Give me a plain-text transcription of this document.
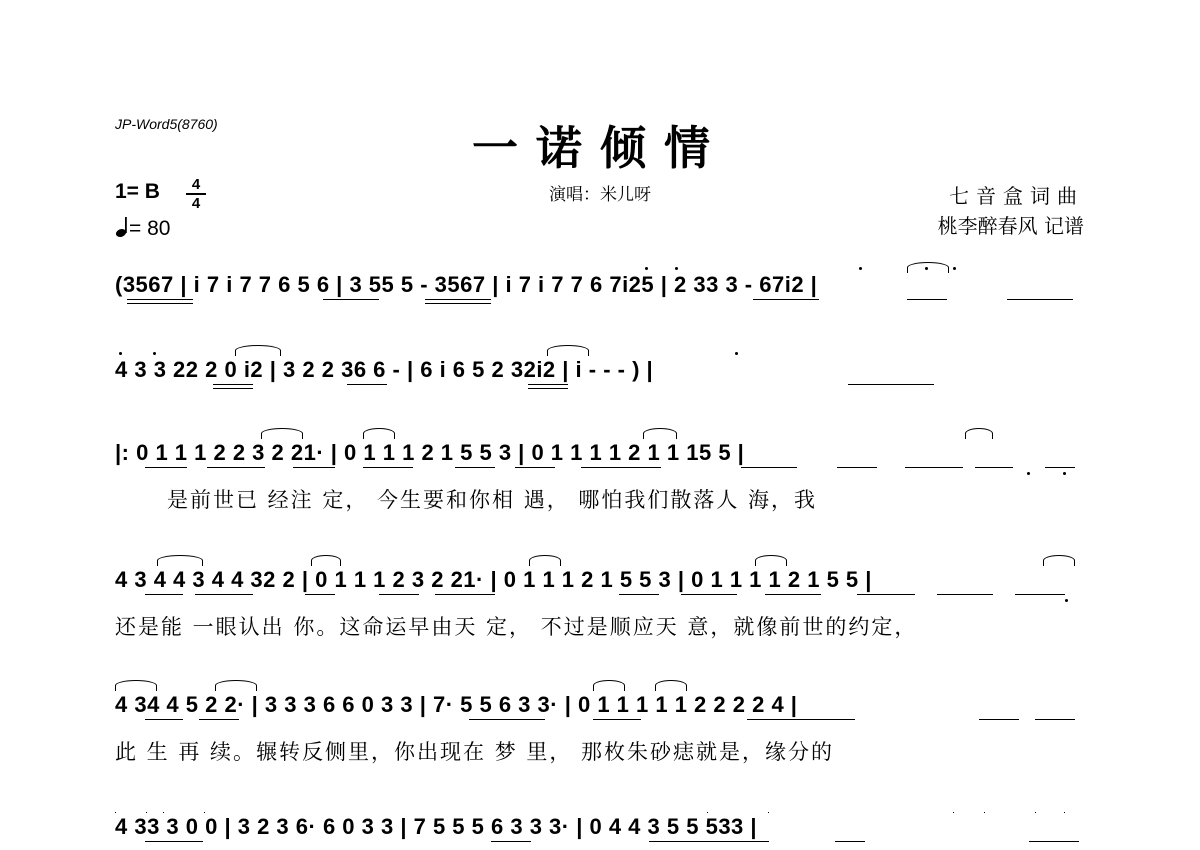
JP-Word5(8760)	一诺倾情
演唱：米儿呀
1= B	4
4
= 80
七音盒词曲
桃李醉春风 记谱
(3567 | i 7 i 7 7 6 5 6 | 3 55 5 - 3567 | i 7 i 7 7 6 7i25 | 2 33 3 - 67i2 |
4 3 3 22 2 0 i2 | 3 2 2 36 6 - | 6 i 6 5 2 32i2 | i - - - ) |
|: 0 1 1 1 2 2 3 2 21· | 0 1 1 1 2 1 5 5 3 | 0 1 1 1 1 2 1 1 15 5 |
是前世已 经注 定， 今生要和你相 遇， 哪怕我们散落人 海，我
4 3 4 4 3 4 4 32 2 | 0 1 1 1 2 3 2 21· | 0 1 1 1 2 1 5 5 3 | 0 1 1 1 1 2 1 5 5 |
还是能 一眼认出 你。这命运早由天 定， 不过是顺应天 意，就像前世的约定，
4 34 4 5 2 2· | 3 3 3 6 6 0 3 3 | 7· 5 5 6 3 3· | 0 1 1 1 1 1 2 2 2 2 4 |
此 生 再 续。辗转反侧里，你出现在 梦 里， 那枚朱砂痣就是，缘分的
4 33 3 0 0 | 3 2 3 6· 6 0 3 3 | 7 5 5 5 6 3 3 3· | 0 4 4 3 5 5 533 |
